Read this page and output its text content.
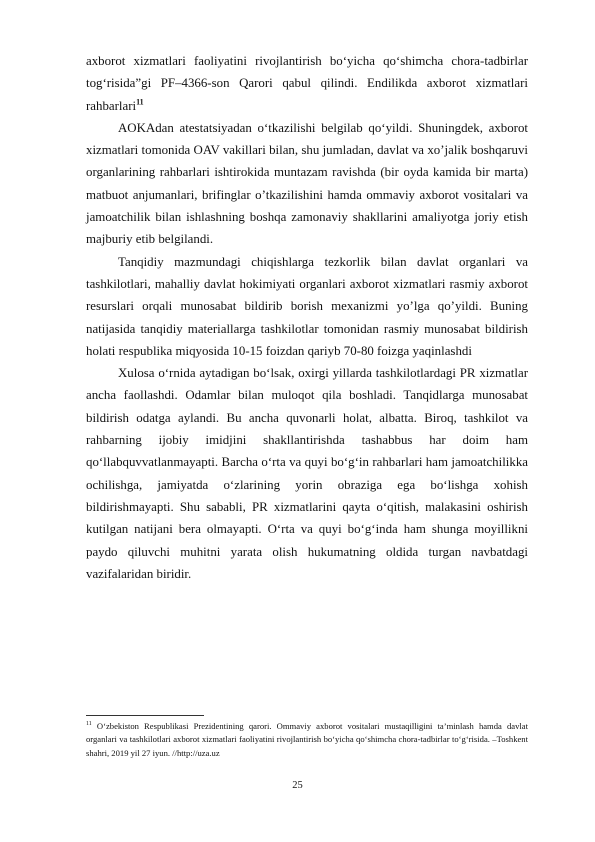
axborot xizmatlari faoliyatini rivojlantirish bo‘yicha qo‘shimcha chora-tadbirlar tog‘risida”gi PF–4366-son Qarori qabul qilindi. Endilikda axborot xizmatlari rahbarlari$^{11}$

AOKAdan atestatsiyadan o‘tkazilishi belgilab qo‘yildi. Shuningdek, axborot xizmatlari tomonida OAV vakillari bilan, shu jumladan, davlat va xo’jalik boshqaruvi organlarining rahbarlari ishtirokida muntazam ravishda (bir oyda kamida bir marta) matbuot anjumanlari, brifinglar o’tkazilishini hamda ommaviy axborot vositalari va jamoatchilik bilan ishlashning boshqa zamonaviy shakllarini amaliyotga joriy etish majburiy etib belgilandi.

Tanqidiy mazmundagi chiqishlarga tezkorlik bilan davlat organlari va tashkilotlari, mahalliy davlat hokimiyati organlari axborot xizmatlari rasmiy axborot resurslari orqali munosabat bildirib borish mexanizmi yo’lga qo’yildi. Buning natijasida tanqidiy materiallarga tashkilotlar tomonidan rasmiy munosabat bildirish holati respublika miqyosida 10-15 foizdan qariyb 70-80 foizga yaqinlashdi

Xulosa o‘rnida aytadigan bo‘lsak, oxirgi yillarda tashkilotlardagi PR xizmatlar ancha faollashdi. Odamlar bilan muloqot qila boshladi. Tanqidlarga munosabat bildirish odatga aylandi. Bu ancha quvonarli holat, albatta. Biroq, tashkilot va rahbarning ijobiy imidjini shakllantirishda tashabbus har doim ham qo‘llabquvvatlanmayapti. Barcha o‘rta va quyi bo‘g‘in rahbarlari ham jamoatchilikka ochilishga, jamiyatda o‘zlarining yorin obraziga ega bo‘lishga xohish bildirishmayapti. Shu sababli, PR xizmatlarini qayta o‘qitish, malakasini oshirish kutilgan natijani bera olmayapti. O‘rta va quyi bo‘g‘inda ham shunga moyillikni paydo qiluvchi muhitni yarata olish hukumatning oldida turgan navbatdagi vazifalaridan biridir.

$^{11}$ O‘zbekiston Respublikasi Prezidentining qarori. Ommaviy axborot vositalari mustaqilligini ta’minlash hamda davlat organlari va tashkilotlari axborot xizmatlari faoliyatini rivojlantirish bo‘yicha qo‘shimcha chora-tadbirlar to‘g‘risida. –Toshkent shahri, 2019 yil 27 iyun. //http://uza.uz

25
